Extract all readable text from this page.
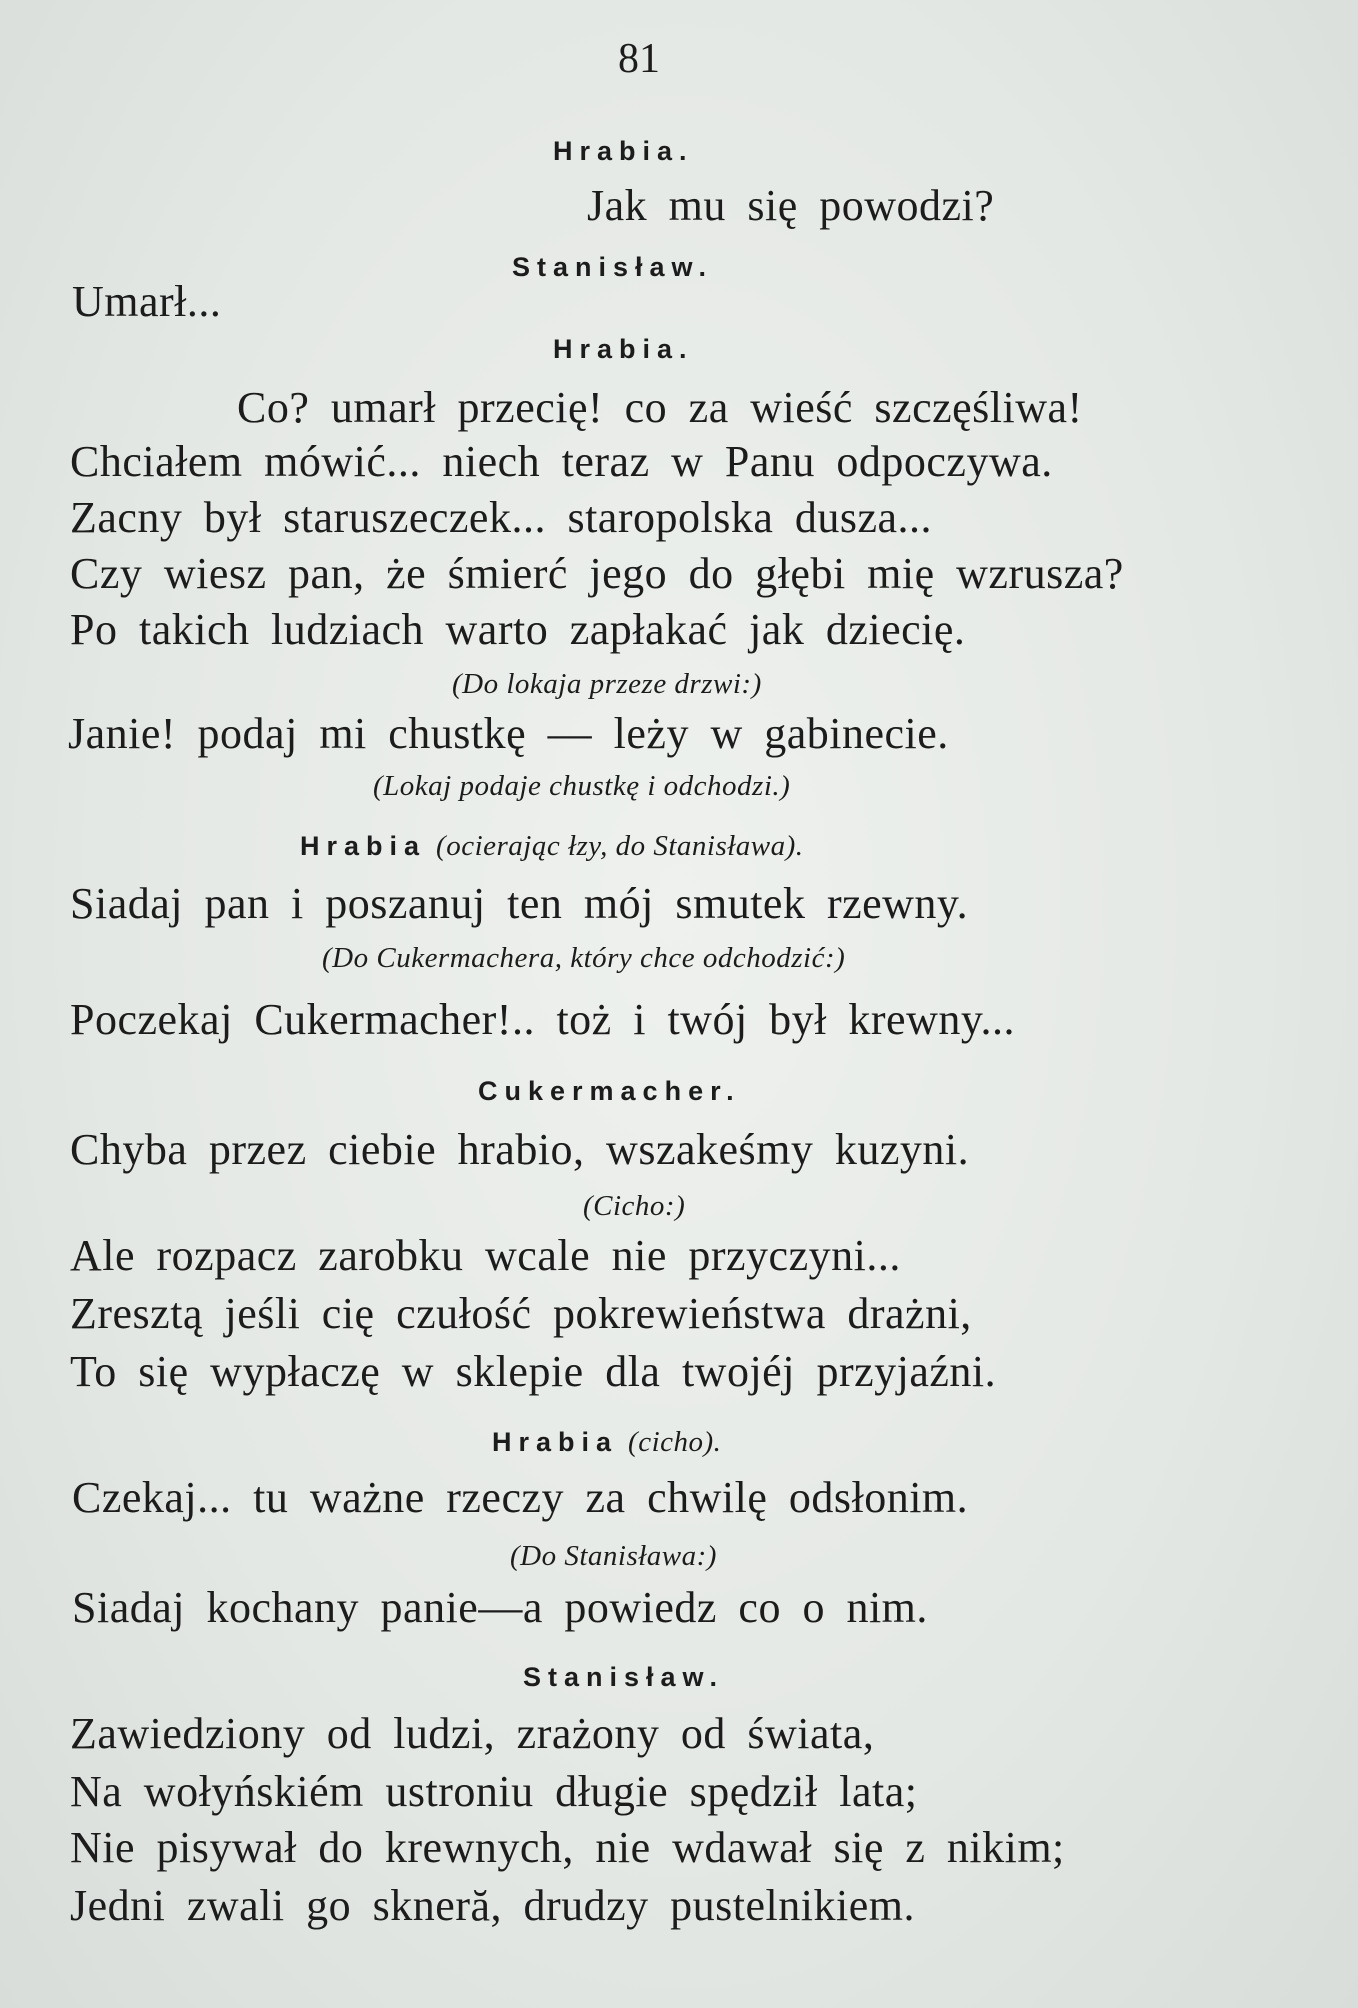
81
Hrabia.
Jak mu się powodzi?
Stanisław.
Umarł...
Hrabia.
Co? umarł przecię! co za wieść szczęśliwa!
Chciałem mówić... niech teraz w Panu odpoczywa.
Zacny był staruszeczek... staropolska dusza...
Czy wiesz pan, że śmierć jego do głębi mię wzrusza?
Po takich ludziach warto zapłakać jak dziecię.
(Do lokaja przeze drzwi:)
Janie! podaj mi chustkę — leży w gabinecie.
(Lokaj podaje chustkę i odchodzi.)
Hrabia (ocierając łzy, do Stanisława).
Siadaj pan i poszanuj ten mój smutek rzewny.
(Do Cukermachera, który chce odchodzić:)
Poczekaj Cukermacher!.. toż i twój był krewny...
Cukermacher.
Chyba przez ciebie hrabio, wszakeśmy kuzyni.
(Cicho:)
Ale rozpacz zarobku wcale nie przyczyni...
Zresztą jeśli cię czułość pokrewieństwa drażni,
To się wypłaczę w sklepie dla twojéj przyjaźni.
Hrabia (cicho).
Czekaj... tu ważne rzeczy za chwilę odsłonim.
(Do Stanisława:)
Siadaj kochany panie—a powiedz co o nim.
Stanisław.
Zawiedziony od ludzi, zrażony od świata,
Na wołyńskiém ustroniu długie spędził lata;
Nie pisywał do krewnych, nie wdawał się z nikim;
Jedni zwali go skneră, drudzy pustelnikiem.
